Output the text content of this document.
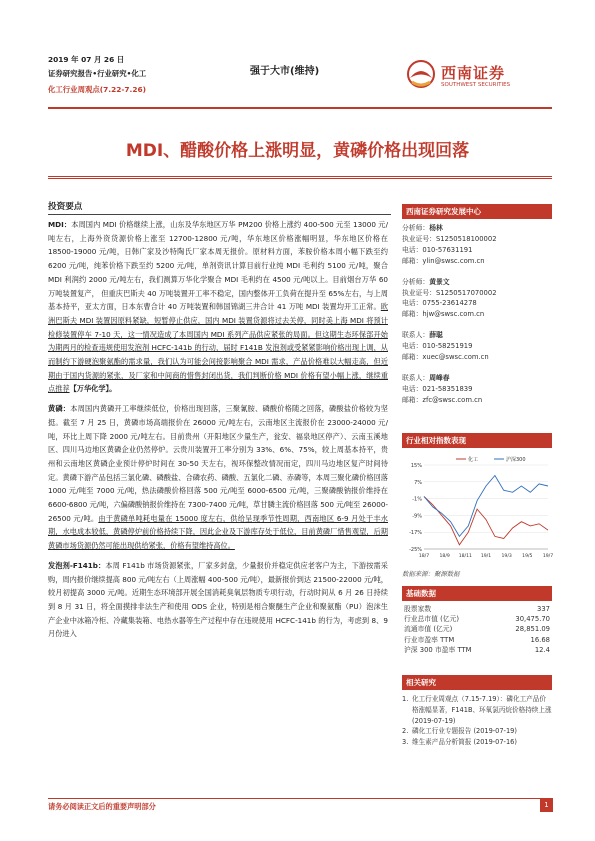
2019 年 07 月 26 日
证券研究报告•行业研究•化工
化工行业周观点(7.22-7.26)
强于大市(维持)	西南证券
SOUTHWEST SECURITIES
MDI、醋酸价格上涨明显，黄磷价格出现回落
投资要点

MDI：本周国内 MDI 价格继续上涨，山东及华东地区万华 PM200 价格上涨约 400-500 元至 13000 元/吨左右，上海外资货源价格上涨至 12700-12800 元/吨，华东地区价格涨幅明显，华东地区价格在 18500-19000 元/吨，日韩广家及沙特陶氏厂家本周无报价。原材料方面，苯胺价格本周小幅下跌至约 6200 元/吨，纯苯价格下跌至约 5200 元/吨，单剂资讯计算目前行业纯 MDI 毛利约 5100 元/吨，聚合 MDI 利润约 2000 元/吨左右，我们测算万华化学聚合 MDI 毛利约在 4500 元/吨以上。目前烟台万华 60 万吨装置复产， 但重庆巴斯夫 40 万吨装置开工率不稳定，国内整体开工负荷在提升至 65%左右，与上周基本持平，亚太方面，日本东曹合计 40 万吨装置和韩国锦湖三井合计 41 万吨 MDI 装置均开工正常。欧洲巴斯夫 MDI 装置因原料紧缺，短暂停止供应，国内 MDI 装置货源将过去关停，同时美上海 MDI 将预计检修装置停车 7-10 天，这一情况造成了本周国内 MDI 系列产品供应紧张的局面。但这期生态环保部开始为期两月的检查违规使用发泡剂 HCFC-141b 的行动，届时 F141B 发泡剂或受紧紧影响价格出现上调，从而制约下游硬泡聚氨酯的需求量，我们认为可能会间接影响聚合 MDI 需求，产品价格难以大幅走高，但近期由于国内货源的紧张，及厂家和中间商的惜售封闭出货，我们判断价格 MDI 价格有望小幅上涨，继续重点推荐【万华化学】。

黄磷：本周国内黄磷开工率继续低位，价格出现回落，三聚氰胺、磷酸价格随之回落，磷酸盐价格较为坚挺。截至 7 月 25 日，黄磷市场高端报价在 26000 元/吨左右，云南地区主流报价在 23000-24000 元/吨，环比上周下降 2000 元/吨左右。目前贵州（开阳地区少量生产，瓮安、福泉地区停产）、云南玉溪地区、四川马边地区黄磷企业仍然停炉。云贵川装置开工率分别为 33%、6%、75%，较上周基本持平，贵州和云南地区黄磷企业预计停炉时间在 30-50 天左右，视环保整改情况而定，四川马边地区复产时间待定。黄磷下游产品包括三氯化磷、磷酸盐、合磷农药、磷酸、五氯化二磷、赤磷等，本周三聚化磷价格回落 1000 元/吨至 7000 元/吨，热法磷酸价格回落 500 元/吨至 6000-6500 元/吨，三聚磷酸钠报价维持在 6600-6800 元/吨，六偏磷酸钠报价维持在 7300-7400 元/吨，草甘膦主流价格回落 500 元/吨至 26000-26500 元/吨。由于黄磷单吨耗电量在 15000 度左右，供给呈现季节性周期，西南地区 6-9 月处于丰水期，水电成本较低，黄磷停炉前价格持续下降，因此企业及下游库存处于低位，目前黄磷厂惜售观望，后期黄磷市场货源仍然可能出现供给紧张，价格有望维持高位。

发泡剂-F141b：本周 F141b 市场货源紧张，厂家多封盘，少量报价并稳定供应老客户为主，下游按需采购，周内报价继续提高 800 元/吨左右（上周涨幅 400-500 元/吨），最新报价到达 21500-22000 元/吨，较月初提高 3000 元/吨。近期生态环境部开展全国消耗臭氧层物质专项行动，行动时间从 6 月 26 日持续到 8 月 31 日，将全面摸排非法生产和使用 ODS 企业，特别是相合聚醚生产企业和聚氨酯（PU）泡沫生产企业中冰箱冷柜、冷藏集装箱、电热水器等生产过程中存在违规使用 HCFC-141b 的行为，考虑到 8、9 月份进入

西南证券研究发展中心
分析师：杨林
执业证号：S1250518100002
电话：010-57631191
邮箱：ylin@swsc.com.cn
分析师：黄景文
执业证号：S1250517070002
电话：0755-23614278
邮箱：hjw@swsc.com.cn
联系人：薛聪
电话：010-58251919
邮箱：xuec@swsc.com.cn
联系人：周峰春
电话：021-58351839
邮箱：zfc@swsc.com.cn
行业相对指数表现
15%
7%
-1%
-9%
-17%
-25%
18/7 18/9 18/11 19/1 19/3 19/5 19/7
化工	沪深300
数据来源：聚源数据
基础数据
股票家数	337
行业总市值 (亿元)	30,475.70
流通市值 (亿元)	28,851.09
行业市盈率 TTM	16.68
沪深 300 市盈率 TTM	12.4
相关研究
1. 化工行业周观点（7.15-7.19）：磷化工产品价格涨幅显著，F141B、环氧氯丙烷价格持续上涨 (2019-07-19)
2. 磷化工行业专题报告 (2019-07-19)
3. 维生素产品分析简报 (2019-07-16)
请务必阅读正文后的重要声明部分	1
